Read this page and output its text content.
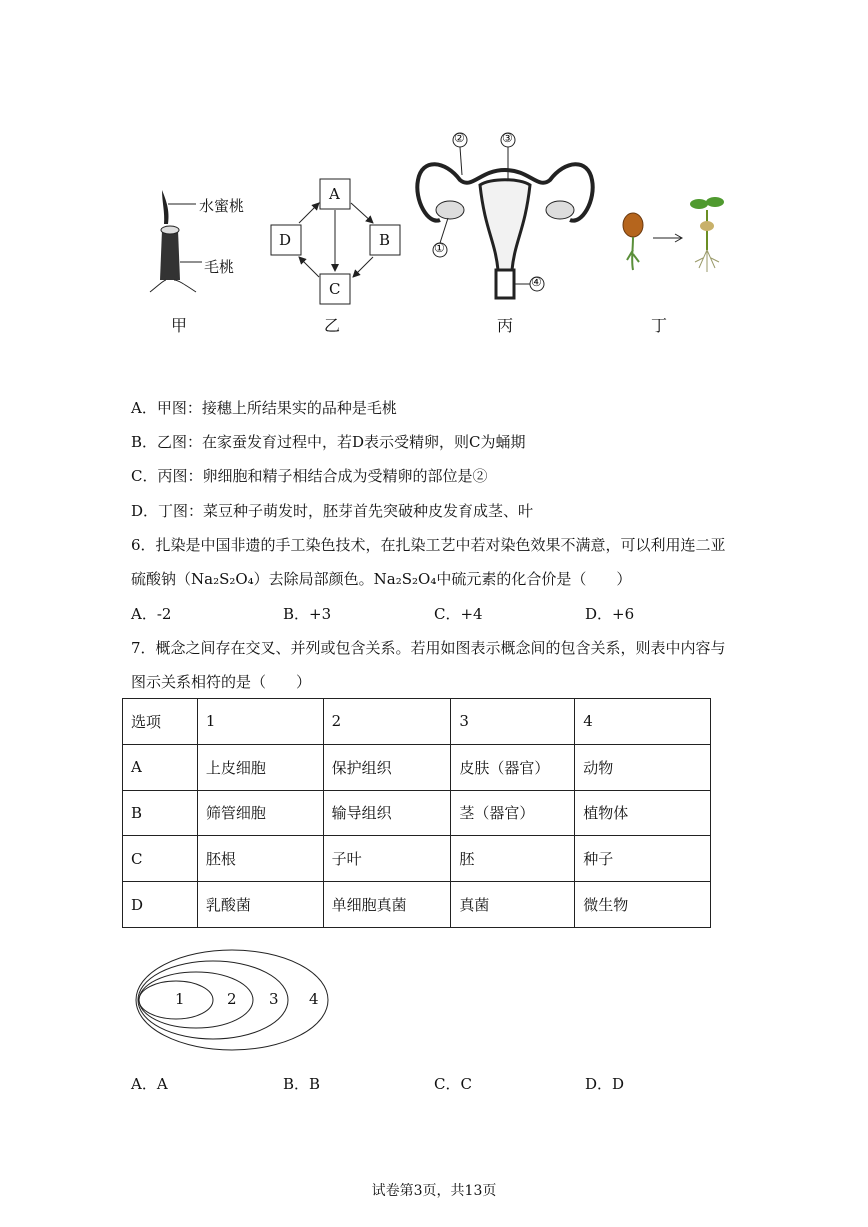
水蜜桃
毛桃
甲
A
B
C
D
乙
②	③
①
④
丙	丁
A．甲图：接穗上所结果实的品种是毛桃
B．乙图：在家蚕发育过程中，若D表示受精卵，则C为蛹期
C．丙图：卵细胞和精子相结合成为受精卵的部位是②
D．丁图：菜豆种子萌发时，胚芽首先突破种皮发育成茎、叶
6．扎染是中国非遗的手工染色技术，在扎染工艺中若对染色效果不满意，可以利用连二亚
硫酸钠（Na₂S₂O₄）去除局部颜色。Na₂S₂O₄中硫元素的化合价是（　　）
A．-2	B．+3	C．+4	D．+6
7．概念之间存在交叉、并列或包含关系。若用如图表示概念间的包含关系，则表中内容与
图示关系相符的是（　　）
选项	1	2	3	4
A	上皮细胞	保护组织	皮肤（器官）	动物
B	筛管细胞	输导组织	茎（器官）	植物体
C	胚根	子叶	胚	种子
D	乳酸菌	单细胞真菌	真菌	微生物
1	2 3 4
A．A	B．B	C．C	D．D
试卷第3页，共13页
